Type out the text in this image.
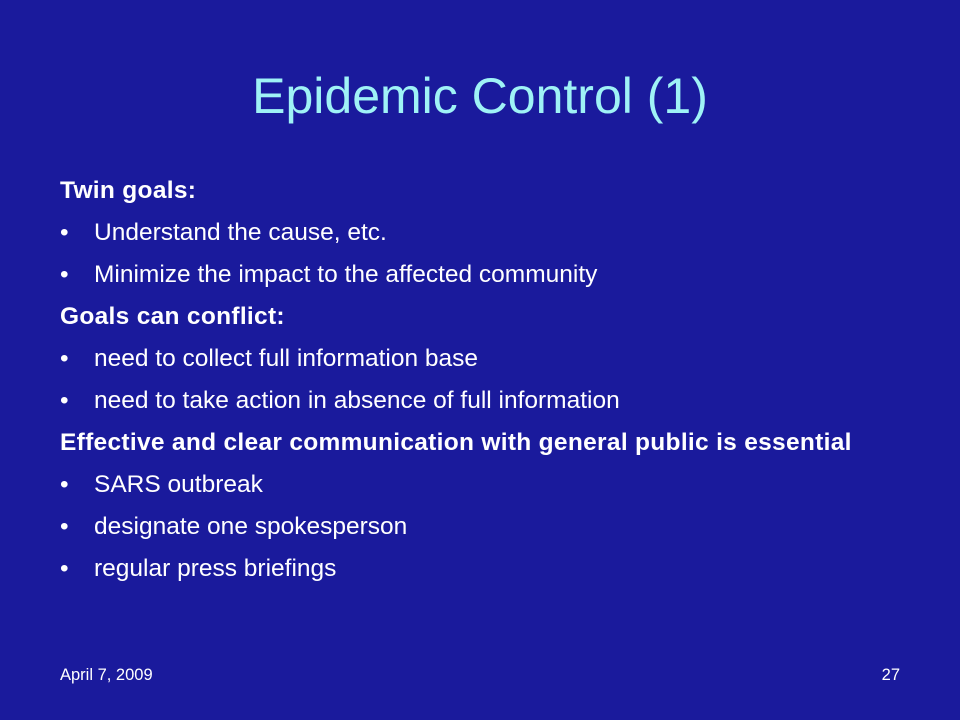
Epidemic Control (1)
Twin goals:
•	Understand the cause, etc.
•	Minimize the impact to the affected community
Goals can conflict:
•	need to collect full information base
•	need to take action in absence of full information
Effective and clear communication with general public is essential
•	SARS outbreak
•	designate one spokesperson
•	regular press briefings
April 7, 2009	27
